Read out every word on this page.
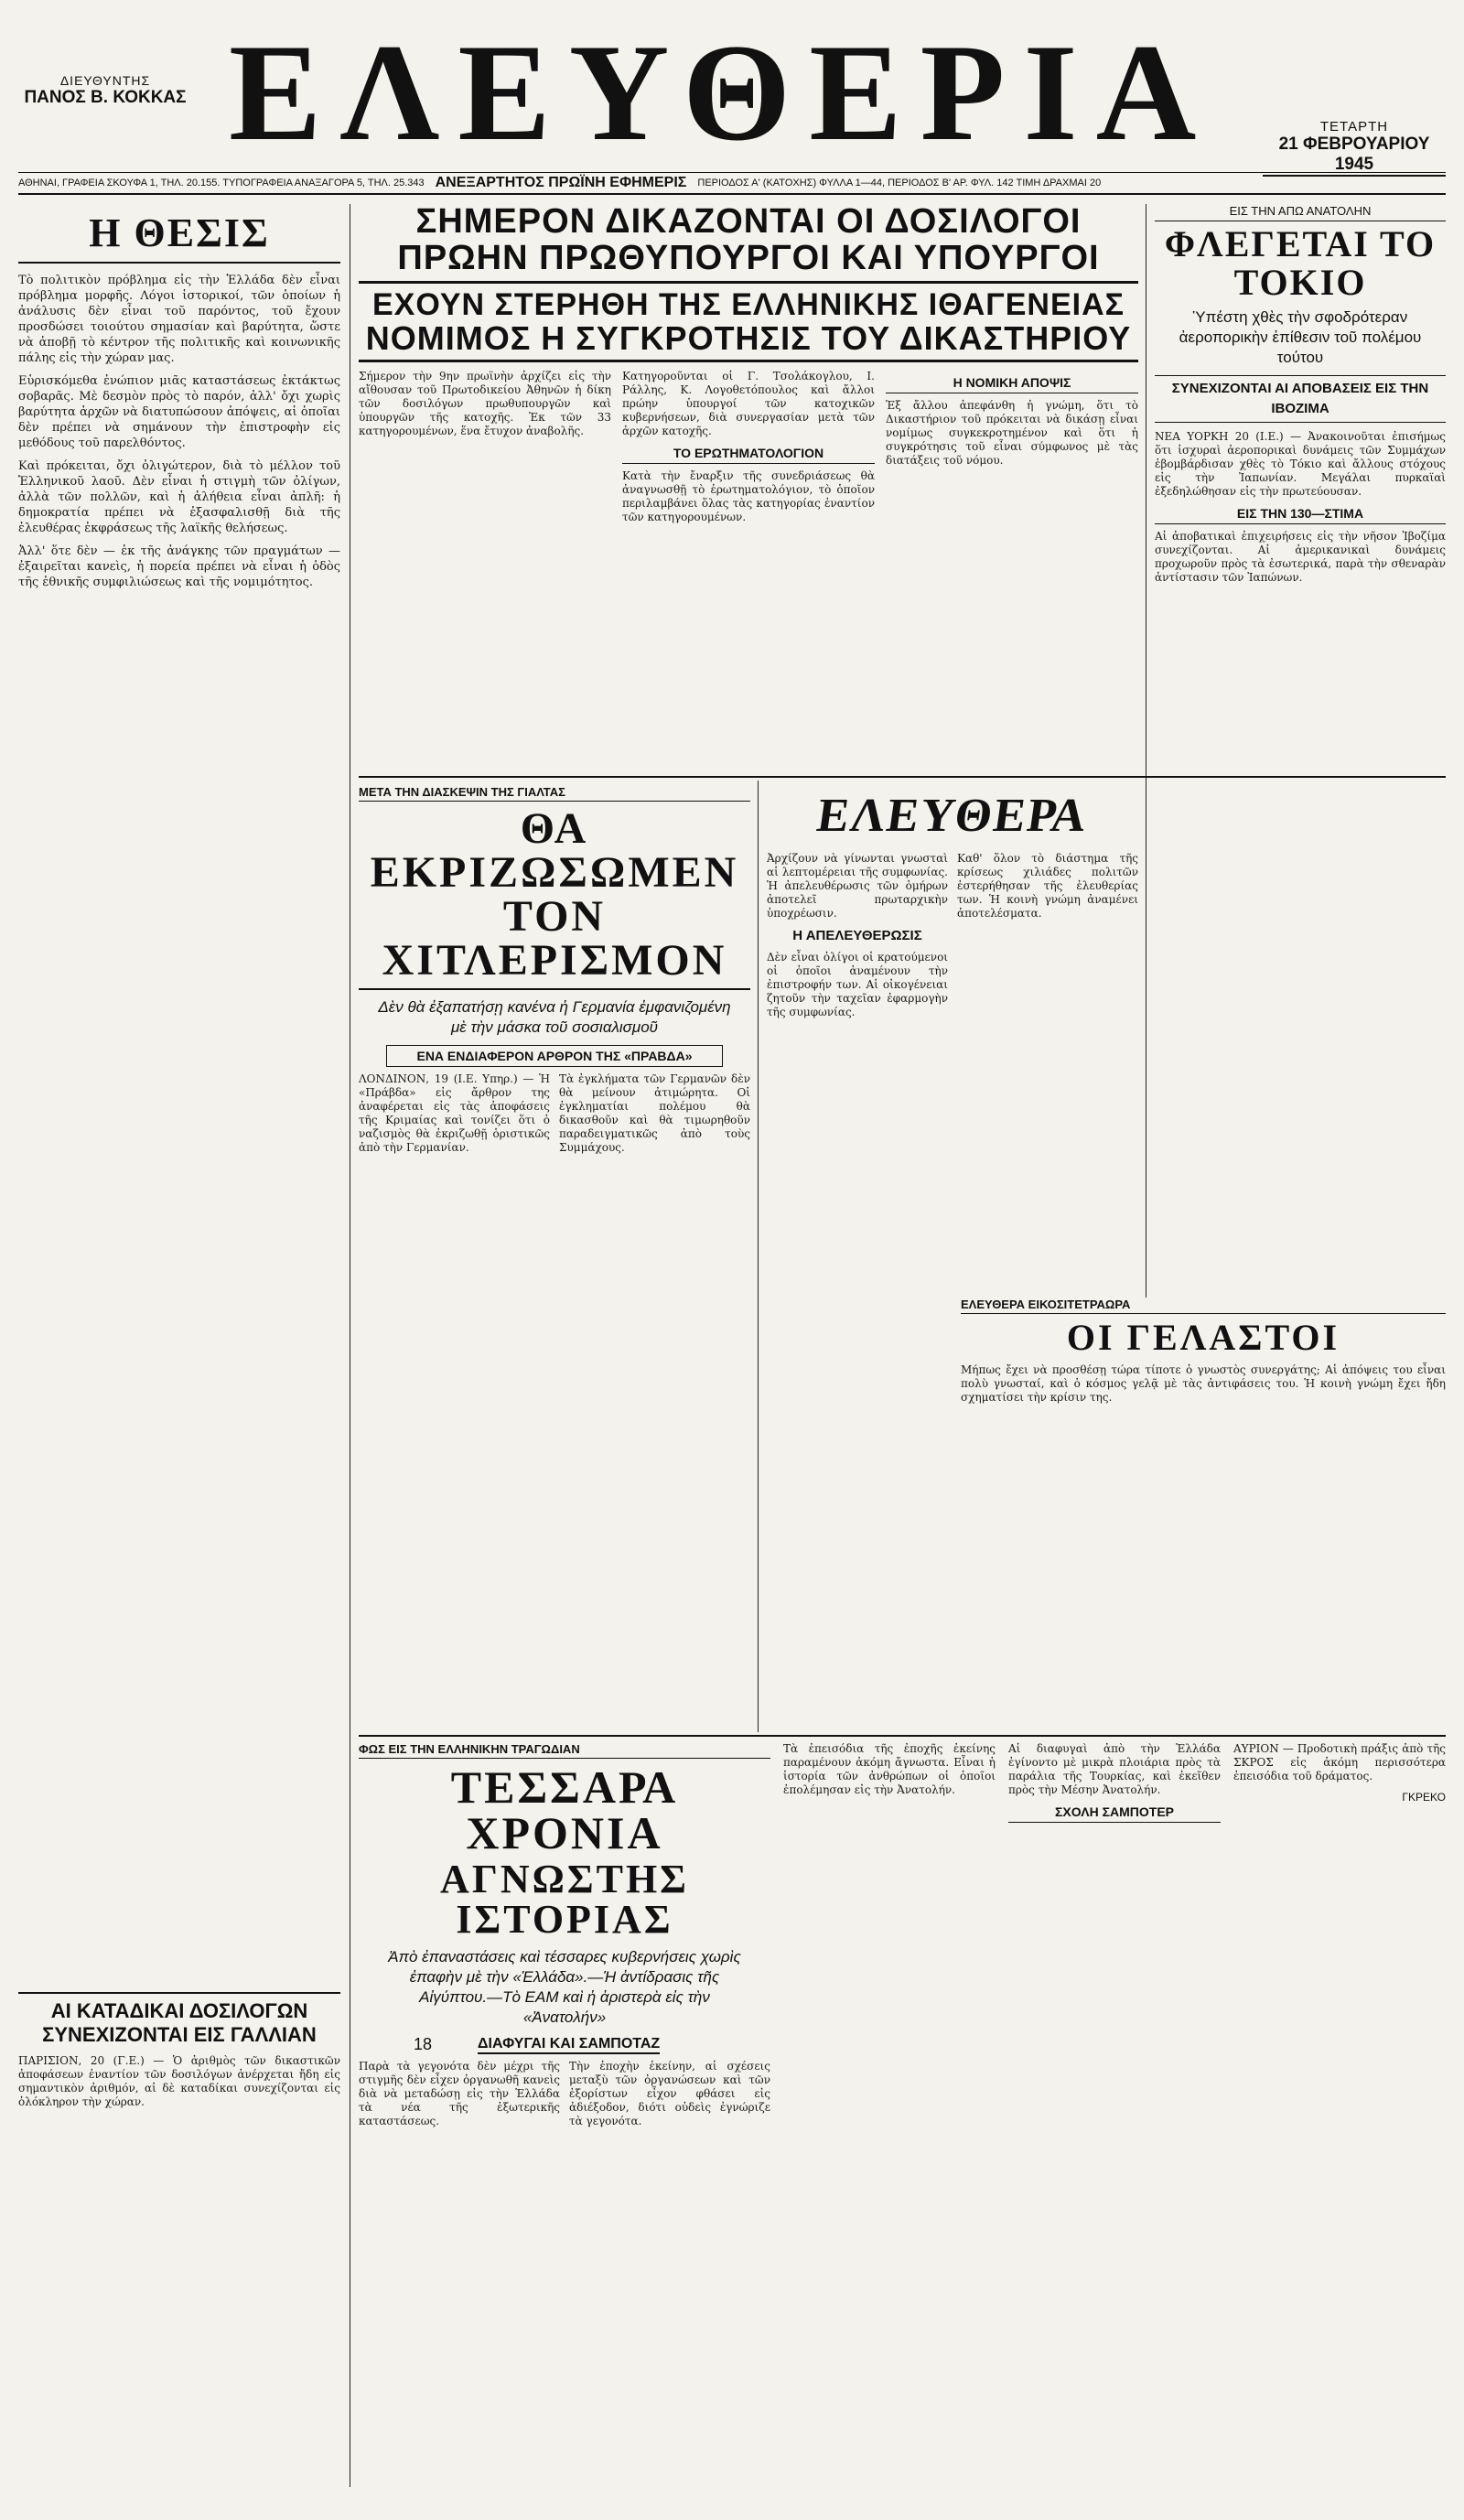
ΔΙΕΥΘΥΝΤΗΣ
ΠΑΝΟΣ Β. ΚΟΚΚΑΣ ΕΛΕΥΘΕΡΙΑ	ΤΕΤΑΡΤΗ
21 ΦΕΒΡΟΥΑΡΙΟΥ 1945
ΑΘΗΝΑΙ, ΓΡΑΦΕΙΑ ΣΚΟΥΦΑ 1, ΤΗΛ. 20.155. ΤΥΠΟΓΡΑΦΕΙΑ ΑΝΑΞΑΓΟΡΑ 5, ΤΗΛ. 25.343 ΑΝΕΞΑΡΤΗΤΟΣ ΠΡΩΪΝΗ ΕΦΗΜΕΡΙΣ ΠΕΡΙΟΔΟΣ Α' (ΚΑΤΟΧΗΣ) ΦΥΛΛΑ 1—44, ΠΕΡΙΟΔΟΣ Β' ΑΡ. ΦΥΛ. 142 ΤΙΜΗ ΔΡΑΧΜΑΙ 20
Η ΘΕΣΙΣ

Τὸ πολιτικὸν πρόβλημα εἰς τὴν Ἑλλάδα δὲν εἶναι πρόβλημα μορφῆς. Λόγοι ἱστορικοί, τῶν ὁποίων ἡ ἀνάλυσις δὲν εἶναι τοῦ παρόντος, τοῦ ἔχουν προσδώσει τοιούτου σημασίαν καὶ βαρύτητα, ὥστε νὰ ἀποβῇ τὸ κέντρον τῆς πολιτικῆς καὶ κοινωνικῆς πάλης εἰς τὴν χώραν μας.

Εὑρισκόμεθα ἐνώπιον μιᾶς καταστάσεως ἐκτάκτως σοβαρᾶς. Μὲ δεσμὸν πρὸς τὸ παρόν, ἀλλ' ὄχι χωρὶς βαρύτητα ἀρχῶν νὰ διατυπώσουν ἀπόψεις, αἱ ὁποῖαι δὲν πρέπει νὰ σημάνουν τὴν ἐπιστροφὴν εἰς μεθόδους τοῦ παρελθόντος.

Καὶ πρόκειται, ὄχι ὀλιγώτερον, διὰ τὸ μέλλον τοῦ Ἑλληνικοῦ λαοῦ. Δὲν εἶναι ἡ στιγμὴ τῶν ὀλίγων, ἀλλὰ τῶν πολλῶν, καὶ ἡ ἀλήθεια εἶναι ἀπλῆ: ἡ δημοκρατία πρέπει νὰ ἐξασφαλισθῇ διὰ τῆς ἐλευθέρας ἐκφράσεως τῆς λαϊκῆς θελήσεως.

Ἀλλ' ὅτε δὲν — ἐκ τῆς ἀνάγκης τῶν πραγμάτων — ἐξαιρεῖται κανεὶς, ἡ πορεία πρέπει νὰ εἶναι ἡ ὁδὸς τῆς ἐθνικῆς συμφιλιώσεως καὶ τῆς νομιμότητος.

ΑΙ ΚΑΤΑΔΙΚΑΙ ΔΟΣΙΛΟΓΩΝ ΣΥΝΕΧΙΖΟΝΤΑΙ ΕΙΣ ΓΑΛΛΙΑΝ

ΠΑΡΙΣΙΟΝ, 20 (Γ.Ε.) — Ὁ ἀριθμὸς τῶν δικαστικῶν ἀποφάσεων ἐναντίον τῶν δοσιλόγων ἀνέρχεται ἤδη εἰς σημαντικὸν ἀριθμόν, αἱ δὲ καταδίκαι συνεχίζονται εἰς ὁλόκληρον τὴν χώραν.

ΣΗΜΕΡΟΝ ΔΙΚΑΖΟΝΤΑΙ ΟΙ ΔΟΣΙΛΟΓΟΙ
ΠΡΩΗΝ ΠΡΩΘΥΠΟΥΡΓΟΙ ΚΑΙ ΥΠΟΥΡΓΟΙ
ΕΧΟΥΝ ΣΤΕΡΗΘΗ ΤΗΣ ΕΛΛΗΝΙΚΗΣ ΙΘΑΓΕΝΕΙΑΣ
ΝΟΜΙΜΟΣ Η ΣΥΓΚΡΟΤΗΣΙΣ ΤΟΥ ΔΙΚΑΣΤΗΡΙΟΥ

Σήμερον τὴν 9ην πρωϊνὴν ἀρχίζει εἰς τὴν αἴθουσαν τοῦ Πρωτοδικείου Ἀθηνῶν ἡ δίκη τῶν δοσιλόγων πρωθυπουργῶν καὶ ὑπουργῶν τῆς κατοχῆς. Ἐκ τῶν 33 κατηγορουμένων, ἕνα ἔτυχον ἀναβολῆς.

Κατηγοροῦνται οἱ Γ. Τσολάκογλου, Ι. Ράλλης, Κ. Λογοθετόπουλος καὶ ἄλλοι πρώην ὑπουργοί τῶν κατοχικῶν κυβερνήσεων, διὰ συνεργασίαν μετὰ τῶν ἀρχῶν κατοχῆς.

ΤΟ ΕΡΩΤΗΜΑΤΟΛΟΓΙΟΝ

Κατὰ τὴν ἔναρξιν τῆς συνεδριάσεως θὰ ἀναγνωσθῇ τὸ ἐρωτηματολόγιον, τὸ ὁποῖον περιλαμβάνει ὅλας τὰς κατηγορίας ἐναντίον τῶν κατηγορουμένων.

Η ΝΟΜΙΚΗ ΑΠΟΨΙΣ

Ἐξ ἄλλου ἀπεφάνθη ἡ γνώμη, ὅτι τὸ Δικαστήριον τοῦ πρόκειται νὰ δικάσῃ εἶναι νομίμως συγκεκροτημένον καὶ ὅτι ἡ συγκρότησις τοῦ εἶναι σύμφωνος μὲ τὰς διατάξεις τοῦ νόμου.

ΕΙΣ ΤΗΝ ΑΠΩ ΑΝΑΤΟΛΗΝ
ΦΛΕΓΕΤΑΙ ΤΟ ΤΟΚΙΟ
Ὑπέστη χθὲς τὴν σφοδρότεραν ἀεροπορικὴν ἐπίθεσιν τοῦ πολέμου τούτου
ΣΥΝΕΧΙΖΟΝΤΑΙ ΑΙ ΑΠΟΒΑΣΕΙΣ ΕΙΣ ΤΗΝ ΙΒΟΖΙΜΑ

ΝΕΑ ΥΟΡΚΗ 20 (Ι.Ε.) — Ἀνακοινοῦται ἐπισήμως ὅτι ἰσχυραὶ ἀεροπορικαὶ δυνάμεις τῶν Συμμάχων ἐβομβάρδισαν χθὲς τὸ Τόκιο καὶ ἄλλους στόχους εἰς τὴν Ἰαπωνίαν. Μεγάλαι πυρκαϊαὶ ἐξεδηλώθησαν εἰς τὴν πρωτεύουσαν.

ΕΙΣ ΤΗΝ 130—ΣΤΙΜΑ

Αἱ ἀποβατικαὶ ἐπιχειρήσεις εἰς τὴν νῆσον Ἰβοζίμα συνεχίζονται. Αἱ ἀμερικανικαὶ δυνάμεις προχωροῦν πρὸς τὰ ἐσωτερικά, παρὰ τὴν σθεναρὰν ἀντίστασιν τῶν Ἰαπώνων.

ΜΕΤΑ ΤΗΝ ΔΙΑΣΚΕΨΙΝ ΤΗΣ ΓΙΑΛΤΑΣ
ΘΑ ΕΚΡΙΖΩΣΩΜΕΝ
ΤΟΝ ΧΙΤΛΕΡΙΣΜΟΝ
Δὲν θὰ ἐξαπατήσῃ κανένα ἡ Γερμανία ἐμφανιζομένη μὲ τὴν μάσκα τοῦ σοσιαλισμοῦ
ΕΝΑ ΕΝΔΙΑΦΕΡΟΝ ΑΡΘΡΟΝ ΤΗΣ «ΠΡΑΒΔΑ»

ΛΟΝΔΙΝΟΝ, 19 (Ι.Ε. Υπηρ.) — Ἡ «Πράβδα» εἰς ἄρθρον της ἀναφέρεται εἰς τὰς ἀποφάσεις τῆς Κριμαίας καὶ τονίζει ὅτι ὁ ναζισμὸς θὰ ἐκριζωθῇ ὁριστικῶς ἀπὸ τὴν Γερμανίαν.

Τὰ ἐγκλήματα τῶν Γερμανῶν δὲν θὰ μείνουν ἀτιμώρητα. Οἱ ἐγκληματίαι πολέμου θὰ δικασθοῦν καὶ θὰ τιμωρηθοῦν παραδειγματικῶς ἀπὸ τοὺς Συμμάχους.

ΕΛΕΥΘΕΡΑ

Ἀρχίζουν νὰ γίνωνται γνωσταὶ αἱ λεπτομέρειαι τῆς συμφωνίας. Ἡ ἀπελευθέρωσις τῶν ὁμήρων ἀποτελεῖ πρωταρχικὴν ὑποχρέωσιν.

Η ΑΠΕΛΕΥΘΕΡΩΣΙΣ

Δὲν εἶναι ὀλίγοι οἱ κρατούμενοι οἱ ὁποῖοι ἀναμένουν τὴν ἐπιστροφήν των. Αἱ οἰκογένειαι ζητοῦν τὴν ταχεῖαν ἐφαρμογὴν τῆς συμφωνίας.

Καθ' ὅλον τὸ διάστημα τῆς κρίσεως χιλιάδες πολιτῶν ἐστερήθησαν τῆς ἐλευθερίας των. Ἡ κοινὴ γνώμη ἀναμένει ἀποτελέσματα.

ΕΛΕΥΘΕΡΑ ΕΙΚΟΣΙΤΕΤΡΑΩΡΑ
ΟΙ ΓΕΛΑΣΤΟΙ

Μήπως ἔχει νὰ προσθέσῃ τώρα τίποτε ὁ γνωστὸς συνεργάτης; Αἱ ἀπόψεις του εἶναι πολὺ γνωσταί, καὶ ὁ κόσμος γελᾷ μὲ τὰς ἀντιφάσεις του. Ἡ κοινὴ γνώμη ἔχει ἤδη σχηματίσει τὴν κρίσιν της.

ΦΩΣ ΕΙΣ ΤΗΝ ΕΛΛΗΝΙΚΗΝ ΤΡΑΓΩΔΙΑΝ
ΤΕΣΣΑΡΑ ΧΡΟΝΙΑ
ΑΓΝΩΣΤΗΣ ΙΣΤΟΡΙΑΣ
Ἀπὸ ἐπαναστάσεις καὶ τέσσαρες κυβερνήσεις χωρὶς ἐπαφὴν μὲ τὴν «Ἑλλάδα».—Ἡ ἀντίδρασις τῆς Αἰγύπτου.—Τὸ ΕΑΜ καὶ ἡ ἀριστερὰ εἰς τὴν «Ἀνατολήν»
18	ΔΙΑΦΥΓΑΙ ΚΑΙ ΣΑΜΠΟΤΑΖ

Παρὰ τὰ γεγονότα δὲν μέχρι τῆς στιγμῆς δὲν εἶχεν ὀργανωθῆ κανεὶς διὰ νὰ μεταδώσῃ εἰς τὴν Ἑλλάδα τὰ νέα τῆς ἐξωτερικῆς καταστάσεως.

Τὴν ἐποχὴν ἐκείνην, αἱ σχέσεις μεταξὺ τῶν ὀργανώσεων καὶ τῶν ἐξορίστων εἶχον φθάσει εἰς ἀδιέξοδον, διότι οὐδεὶς ἐγνώριζε τὰ γεγονότα.

Τὰ ἐπεισόδια τῆς ἐποχῆς ἐκείνης παραμένουν ἀκόμη ἄγνωστα. Εἶναι ἡ ἱστορία τῶν ἀνθρώπων οἱ ὁποῖοι ἐπολέμησαν εἰς τὴν Ἀνατολήν.

Αἱ διαφυγαὶ ἀπὸ τὴν Ἑλλάδα ἐγίνοντο μὲ μικρὰ πλοιάρια πρὸς τὰ παράλια τῆς Τουρκίας, καὶ ἐκεῖθεν πρὸς τὴν Μέσην Ἀνατολήν.

ΣΧΟΛΗ ΣΑΜΠΟΤΕΡ

ΑΥΡΙΟΝ — Προδοτικὴ πράξις ἀπὸ τῆς ΣΚΡΟΣ εἰς ἀκόμη περισσότερα ἐπεισόδια τοῦ δράματος.

ΓΚΡΕΚΟ
